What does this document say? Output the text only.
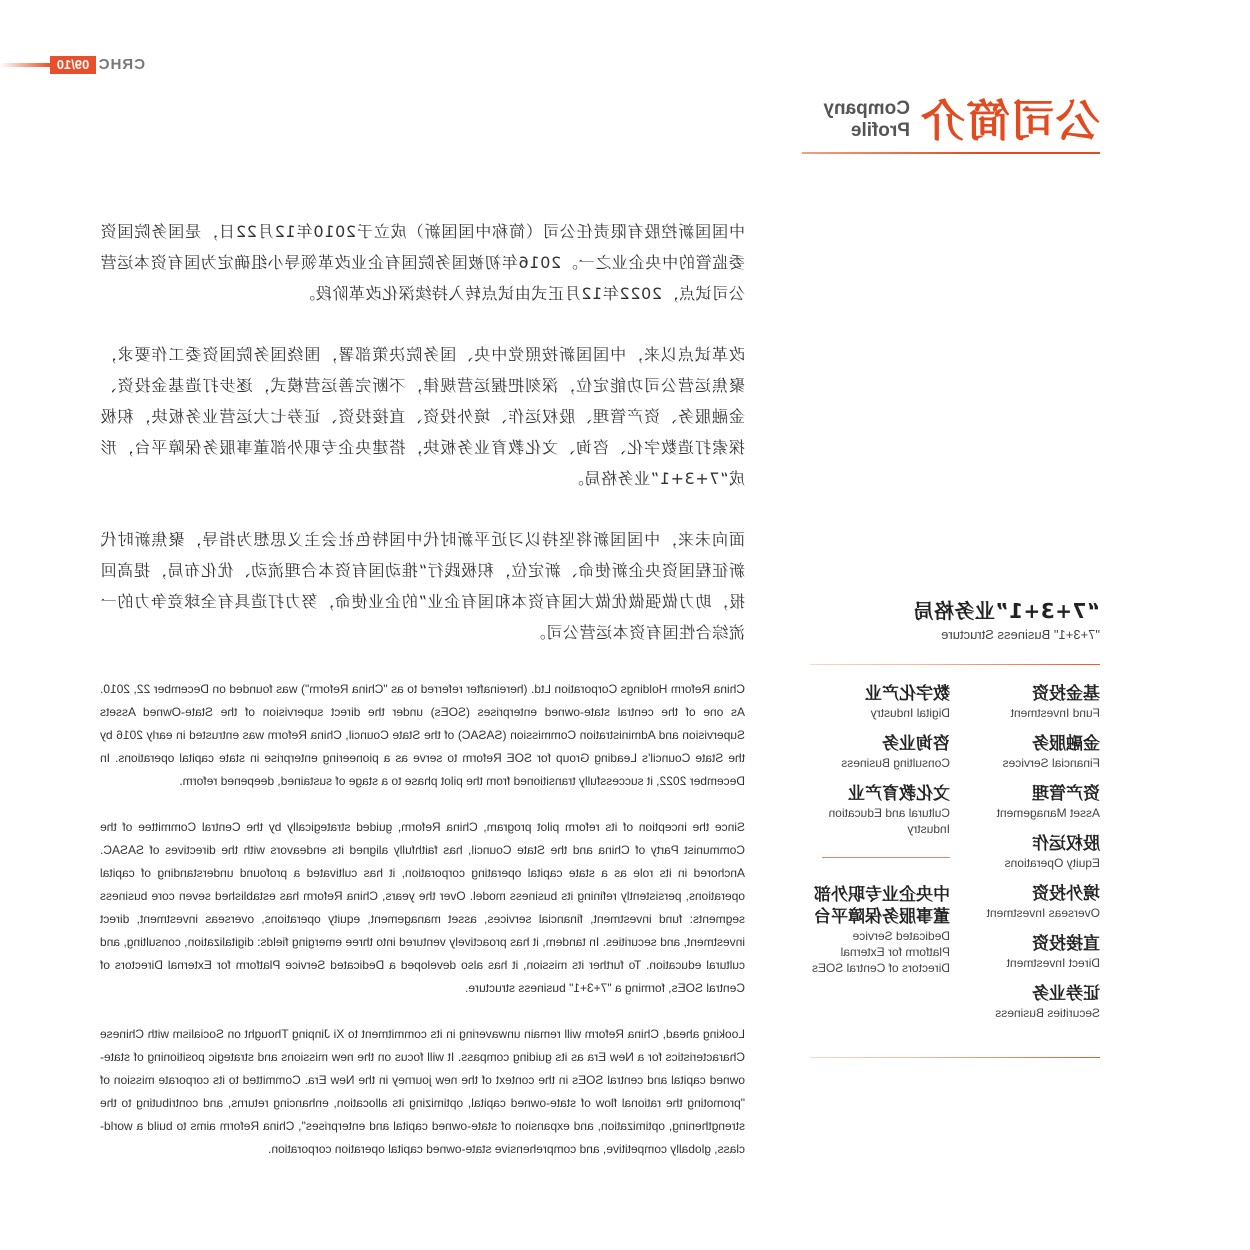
CRHC
09/10
公司简介
Company
Profile

中国国新控股有限责任公司（简称中国国新）成立于2010年12月22日，是国务院国资委监管的中央企业之一。2016年初被国务院国有企业改革领导小组确定为国有资本运营公司试点，2022年12月正式由试点转入持续深化改革阶段。

改革试点以来，中国国新按照党中央、国务院决策部署，围绕国务院国资委工作要求，聚焦运营公司功能定位，深刻把握运营规律，不断完善运营模式，逐步打造基金投资、金融服务、资产管理、股权运作、境外投资、直接投资、证券七大运营业务板块，积极探索打造数字化、咨询、文化教育业务板块，搭建央企专职外部董事服务保障平台，形成“7+3+1”业务格局。

面向未来，中国国新将坚持以习近平新时代中国特色社会主义思想为指导，聚焦新时代新征程国资央企新使命、新定位，积极践行“推动国有资本合理流动、优化布局，提高回报，助力做强做优做大国有资本和国有企业”的企业使命，努力打造具有全球竞争力的一流综合性国有资本运营公司。

China Reform Holdings Corporation Ltd. (hereinafter referred to as "China Reform") was founded on December 22, 2010. As one of the central state-owned enterprises (SOEs) under the direct supervision of the State-Owned Assets Supervision and Administration Commission (SASAC) of the State Council, China Reform was entrusted in early 2016 by the State Council's Leading Group for SOE Reform to serve as a pioneering enterprise in state capital operations. In December 2022, it successfully transitioned from the pilot phase to a stage of sustained, deepened reform.

Since the inception of its reform pilot program, China Reform, guided strategically by the Central Committee of the Communist Party of China and the State Council, has faithfully aligned its endeavors with the directives of SASAC. Anchored in its role as a state capital operating corporation, it has cultivated a profound understanding of capital operations, persistently refining its business model. Over the years, China Reform has established seven core business segments: fund investment, financial services, asset management, equity operations, overseas investment, direct investment, and securities. In tandem, it has proactively ventured into three emerging fields: digitalization, consulting, and cultural education. To further its mission, it has also developed a Dedicated Service Platform for External Directors of Central SOEs, forming a "7+3+1" business structure.

Looking ahead, China Reform will remain unwavering in its commitment to Xi Jinping Thought on Socialism with Chinese Characteristics for a New Era as its guiding compass. It will focus on the new missions and strategic positioning of state-owned capital and central SOEs in the context of the new journey in the New Era. Committed to its corporate mission of "promoting the rational flow of state-owned capital, optimizing its allocation, enhancing returns, and contributing to the strengthening, optimization, and expansion of state-owned capital and enterprises", China Reform aims to build a world-class, globally competitive, and comprehensive state-owned capital operation corporation.

“7+3+1”业务格局
"7+3+1" Business Structure
基金投资
Fund Investment
金融服务
Financial Services
资产管理
Asset Management
股权运作
Equity Operations
境外投资
Overseas Investment
直接投资
Direct Investment
证券业务
Securities Business
数字化产业
Digital Industry
咨询业务
Consulting Business
文化教育产业
Cultural and Education Industry
中央企业专职外部
董事服务保障平台
Dedicated Service Platform for External Directors of Central SOEs
